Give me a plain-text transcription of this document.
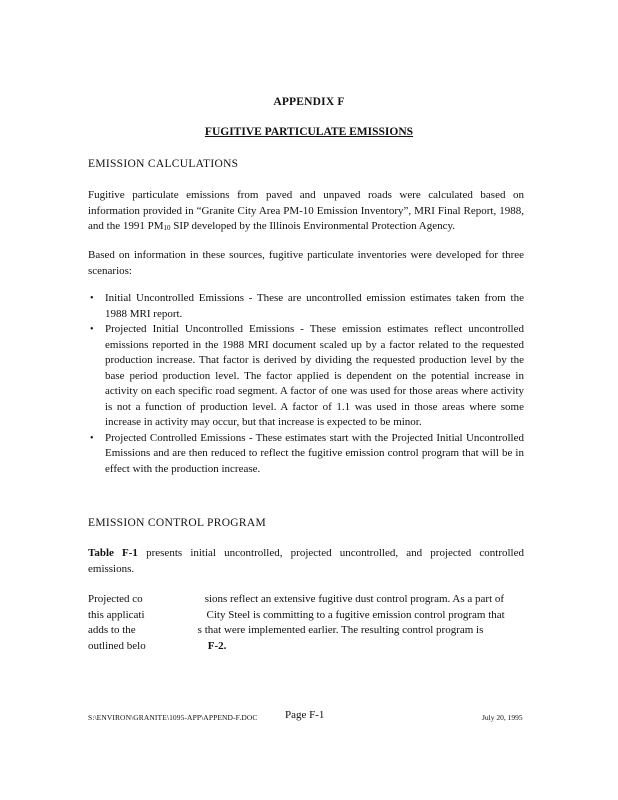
APPENDIX F
FUGITIVE PARTICULATE EMISSIONS
EMISSION CALCULATIONS

Fugitive particulate emissions from paved and unpaved roads were calculated based on information provided in “Granite City Area PM-10 Emission Inventory”, MRI Final Report, 1988, and the 1991 PM10 SIP developed by the Illinois Environmental Protection Agency.

Based on information in these sources, fugitive particulate inventories were developed for three scenarios:

• Initial Uncontrolled Emissions - These are uncontrolled emission estimates taken from the 1988 MRI report.
• Projected Initial Uncontrolled Emissions - These emission estimates reflect uncontrolled emissions reported in the 1988 MRI document scaled up by a factor related to the requested production increase. That factor is derived by dividing the requested production level by the base period production level. The factor applied is dependent on the potential increase in activity on each specific road segment. A factor of one was used for those areas where activity is not a function of production level. A factor of 1.1 was used in those areas where some increase in activity may occur, but that increase is expected to be minor.
• Projected Controlled Emissions - These estimates start with the Projected Initial Uncontrolled Emissions and are then reduced to reflect the fugitive emission control program that will be in effect with the production increase.
EMISSION CONTROL PROGRAM

Table F-1 presents initial uncontrolled, projected uncontrolled, and projected controlled emissions.

Projected co	sions reflect an extensive fugitive dust control program. As a part of
this applicati	City Steel is committing to a fugitive emission control program that
adds to the	s that were implemented earlier. The resulting control program is
outlined belo	F-2.
S:\ENVIRON\GRANITE\1095-APP\APPEND-F.DOC	Page F-1	July 20, 1995
